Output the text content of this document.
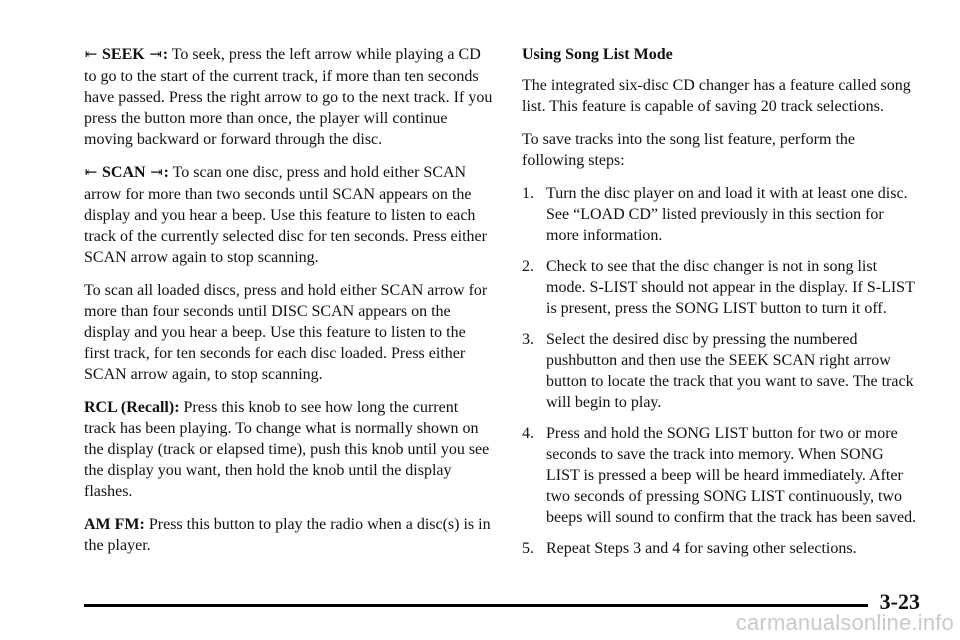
⇤ SEEK ⇥: To seek, press the left arrow while playing a CD to go to the start of the current track, if more than ten seconds have passed. Press the right arrow to go to the next track. If you press the button more than once, the player will continue moving backward or forward through the disc.

⇤ SCAN ⇥: To scan one disc, press and hold either SCAN arrow for more than two seconds until SCAN appears on the display and you hear a beep. Use this feature to listen to each track of the currently selected disc for ten seconds. Press either SCAN arrow again to stop scanning.

To scan all loaded discs, press and hold either SCAN arrow for more than four seconds until DISC SCAN appears on the display and you hear a beep. Use this feature to listen to the first track, for ten seconds for each disc loaded. Press either SCAN arrow again, to stop scanning.

RCL (Recall): Press this knob to see how long the current track has been playing. To change what is normally shown on the display (track or elapsed time), push this knob until you see the display you want, then hold the knob until the display flashes.

AM FM: Press this button to play the radio when a disc(s) is in the player.

Using Song List Mode

The integrated six‐disc CD changer has a feature called song list. This feature is capable of saving 20 track selections.

To save tracks into the song list feature, perform the following steps:

1. Turn the disc player on and load it with at least one disc. See “LOAD CD” listed previously in this section for more information.
2. Check to see that the disc changer is not in song list mode. S‐LIST should not appear in the display. If S‐LIST is present, press the SONG LIST button to turn it off.
3. Select the desired disc by pressing the numbered pushbutton and then use the SEEK SCAN right arrow button to locate the track that you want to save. The track will begin to play.
4. Press and hold the SONG LIST button for two or more seconds to save the track into memory. When SONG LIST is pressed a beep will be heard immediately. After two seconds of pressing SONG LIST continuously, two beeps will sound to confirm that the track has been saved.
5. Repeat Steps 3 and 4 for saving other selections.
3-23
carmanualsonline.info
